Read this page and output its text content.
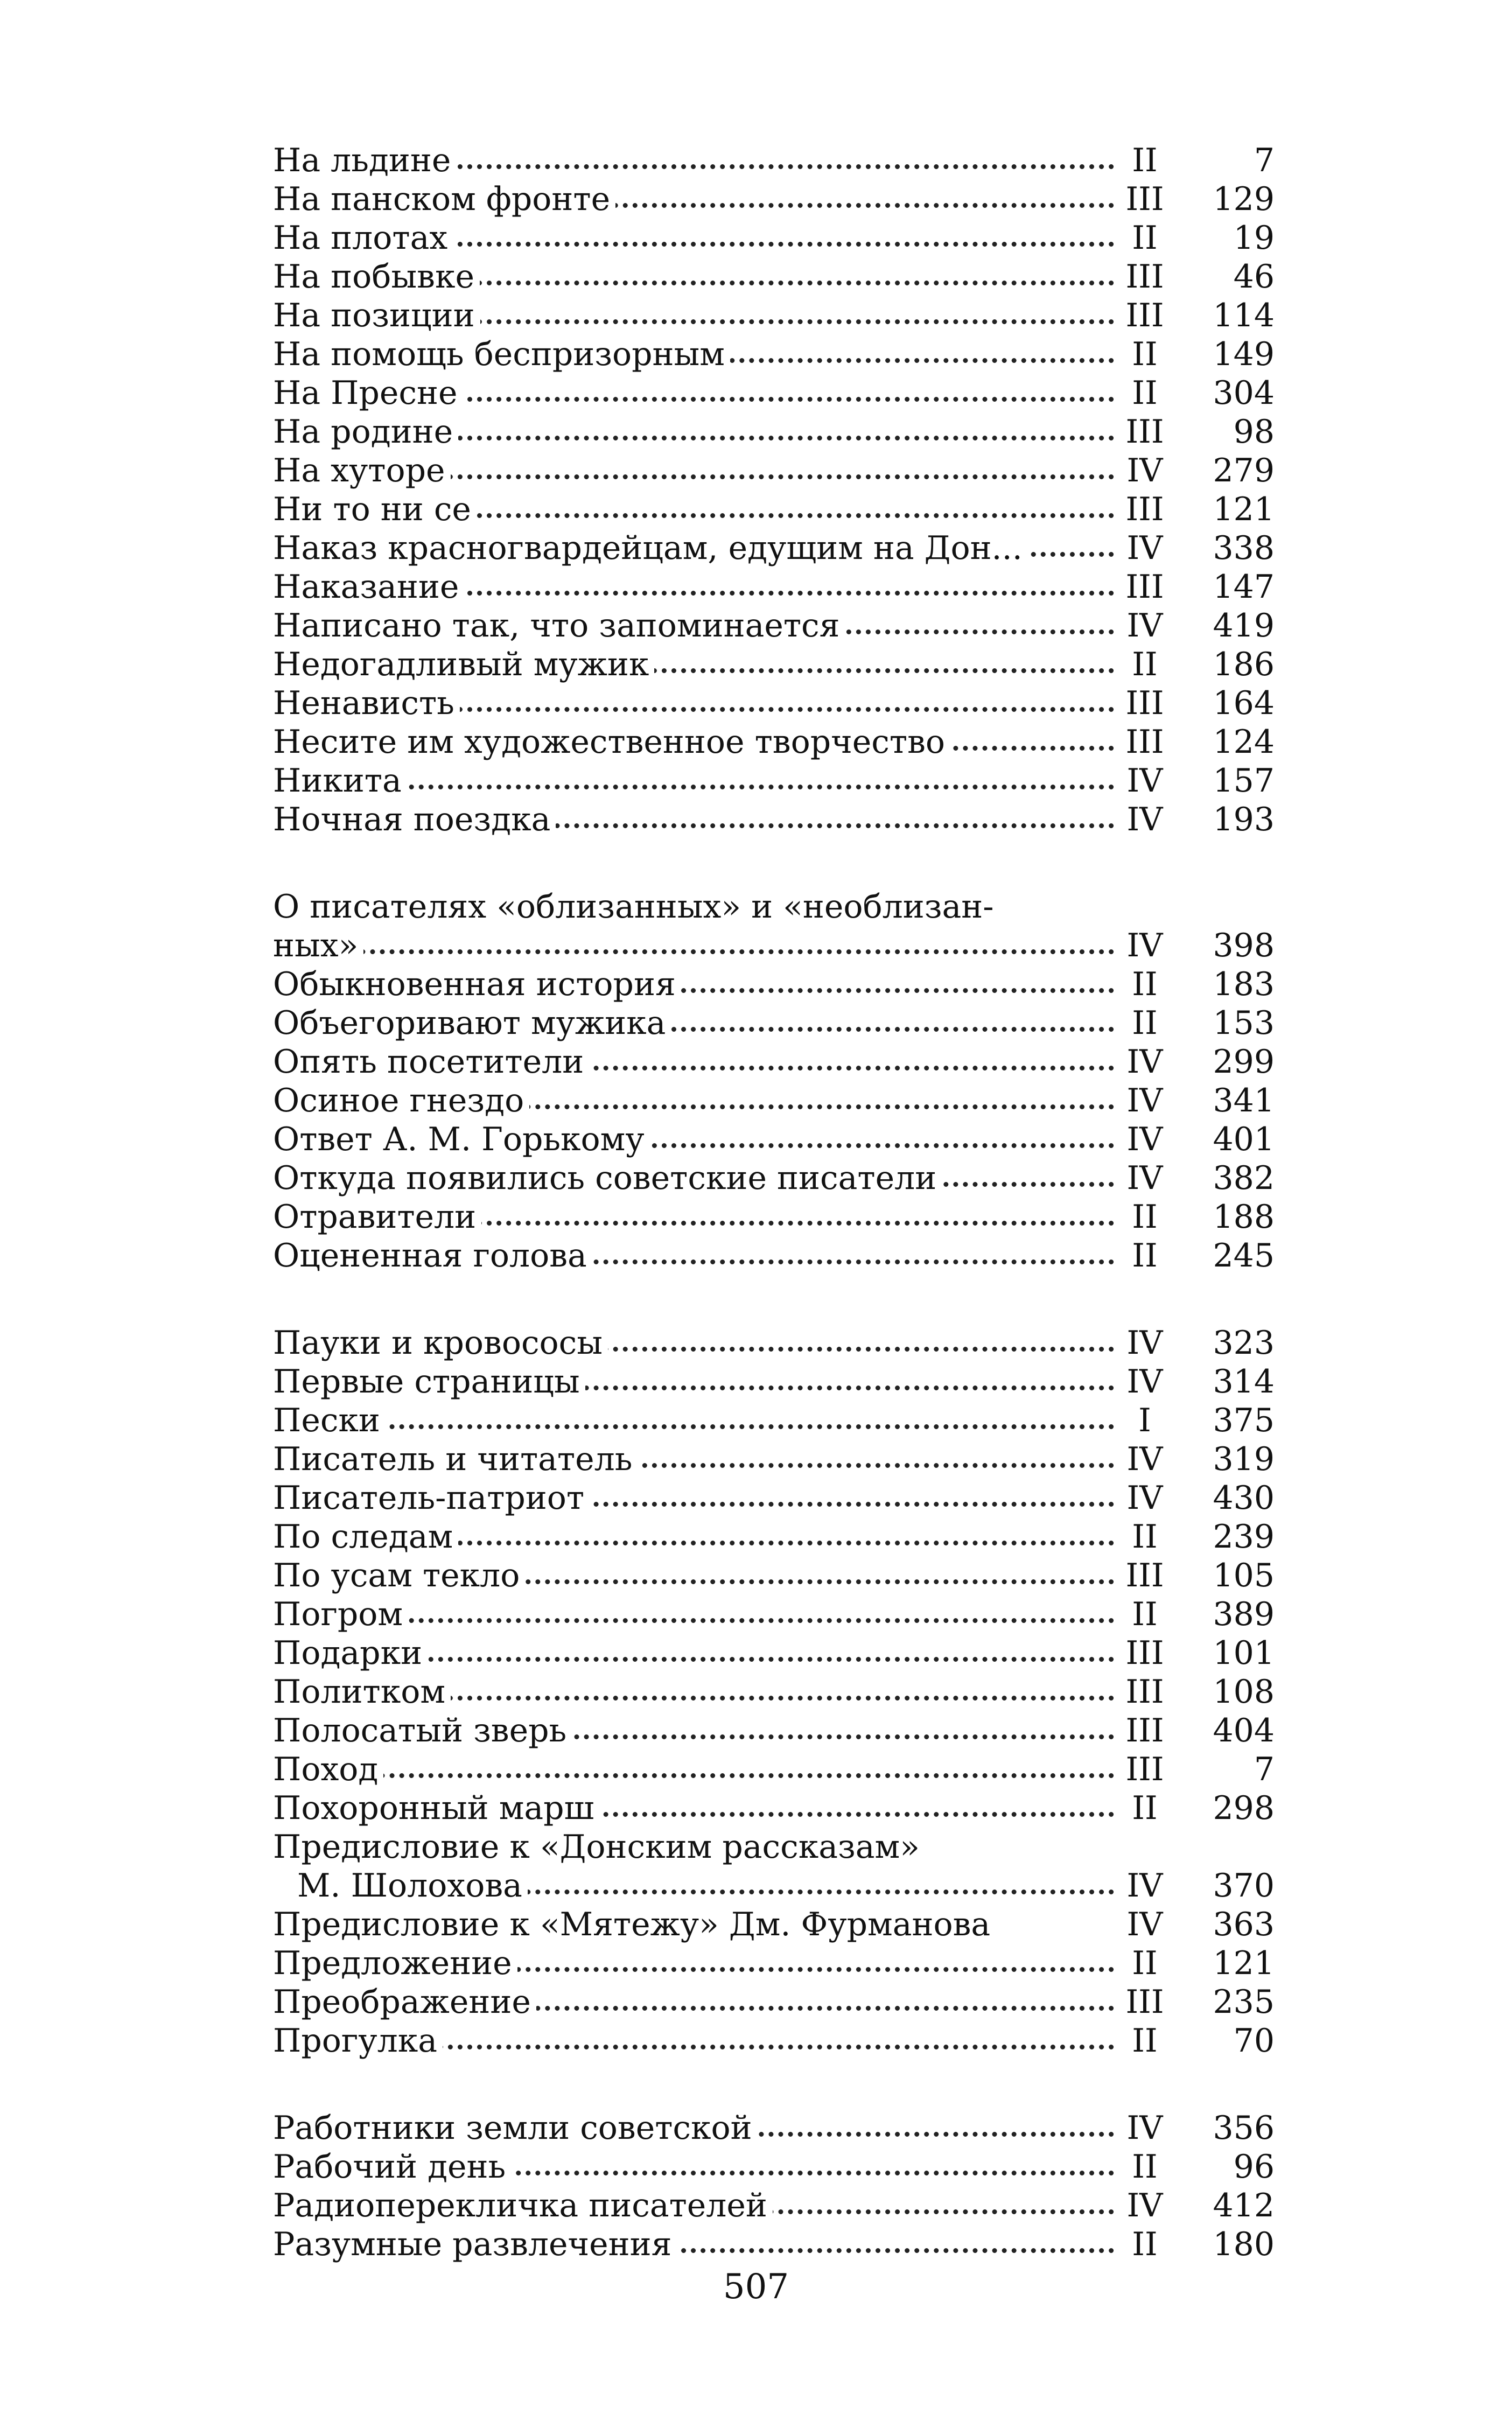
На льдине	II	7
На панском фронте	III	129
На плотах	II	19
На побывке	III	46
На позиции	III	114
На помощь беспризорным	II	149
На Пресне	II	304
На родине	III	98
На хуторе	IV	279
Ни то ни се	III	121
Наказ красногвардейцам, едущим на Дон...	IV	338
Наказание	III	147
Написано так, что запоминается	IV	419
Недогадливый мужик	II	186
Ненависть	III	164
Несите им художественное творчество	III	124
Никита	IV	157
Ночная поездка	IV	193
О писателях «облизанных» и «необлизан-
ных»	IV	398
Обыкновенная история	II	183
Объегоривают мужика	II	153
Опять посетители	IV	299
Осиное гнездо	IV	341
Ответ А. М. Горькому	IV	401
Откуда появились советские писатели	IV	382
Отравители	II	188
Оцененная голова	II	245
Пауки и кровососы	IV	323
Первые страницы	IV	314
Пески	I	375
Писатель и читатель	IV	319
Писатель-патриот	IV	430
По следам	II	239
По усам текло	III	105
Погром	II	389
Подарки	III	101
Политком	III	108
Полосатый зверь	III	404
Поход	III	7
Похоронный марш	II	298
Предисловие к «Донским рассказам»
М. Шолохова	IV	370
Предисловие к «Мятежу» Дм. Фурманова	IV	363
Предложение	II	121
Преображение	III	235
Прогулка	II	70
Работники земли советской	IV	356
Рабочий день	II	96
Радиоперекличка писателей	IV	412
Разумные развлечения	II	180
507
